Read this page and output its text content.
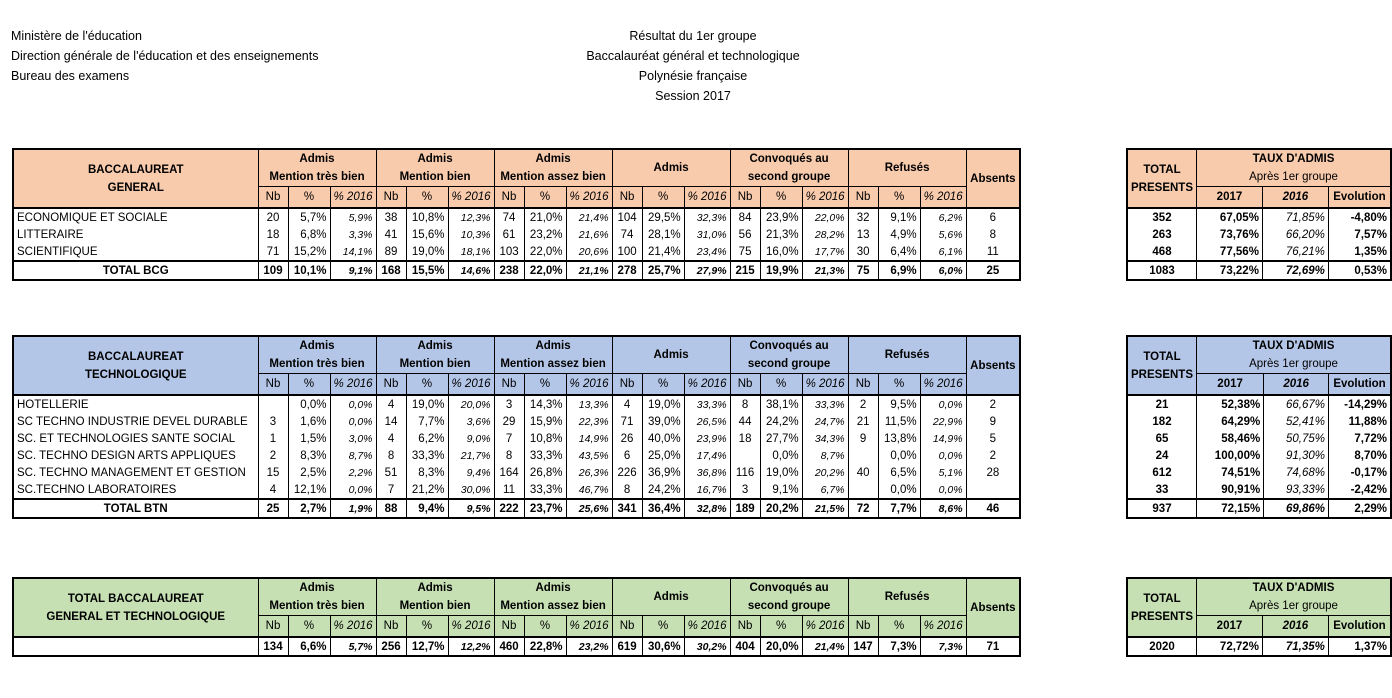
Ministère de l'éducation
Direction générale de l'éducation et des enseignements
Bureau des examens
Résultat du 1er groupe
Baccalauréat général et technologique
Polynésie française
Session 2017
BACCALAUREAT
GENERAL	Admis
Mention très bien			Admis
Mention bien			Admis
Mention assez bien			Admis			Convoqués au
second groupe			Refusés			Absents
	Nb	%	% 2016	Nb	%	% 2016	Nb	%	% 2016	Nb	%	% 2016	Nb	%	% 2016	Nb	%	% 2016	
ECONOMIQUE ET SOCIALE	20	5,7%	5,9%	38	10,8%	12,3%	74	21,0%	21,4%	104	29,5%	32,3%	84	23,9%	22,0%	32	9,1%	6,2%	6
LITTERAIRE	18	6,8%	3,3%	41	15,6%	10,3%	61	23,2%	21,6%	74	28,1%	31,0%	56	21,3%	28,2%	13	4,9%	5,6%	8
SCIENTIFIQUE	71	15,2%	14,1%	89	19,0%	18,1%	103	22,0%	20,6%	100	21,4%	23,4%	75	16,0%	17,7%	30	6,4%	6,1%	11
TOTAL BCG	109	10,1%	9,1%	168	15,5%	14,6%	238	22,0%	21,1%	278	25,7%	27,9%	215	19,9%	21,3%	75	6,9%	6,0%	25
TOTAL
PRESENTS	TAUX D'ADMIS
Après 1er groupe		
	2017	2016	Evolution
352	67,05%	71,85%	-4,80%
263	73,76%	66,20%	7,57%
468	77,56%	76,21%	1,35%
1083	73,22%	72,69%	0,53%
BACCALAUREAT
TECHNOLOGIQUE	Admis
Mention très bien			Admis
Mention bien			Admis
Mention assez bien			Admis			Convoqués au
second groupe			Refusés			Absents
	Nb	%	% 2016	Nb	%	% 2016	Nb	%	% 2016	Nb	%	% 2016	Nb	%	% 2016	Nb	%	% 2016	
HOTELLERIE		0,0%	0,0%	4	19,0%	20,0%	3	14,3%	13,3%	4	19,0%	33,3%	8	38,1%	33,3%	2	9,5%	0,0%	2
SC TECHNO INDUSTRIE DEVEL DURABLE	3	1,6%	0,0%	14	7,7%	3,6%	29	15,9%	22,3%	71	39,0%	26,5%	44	24,2%	24,7%	21	11,5%	22,9%	9
SC. ET TECHNOLOGIES SANTE SOCIAL	1	1,5%	3,0%	4	6,2%	9,0%	7	10,8%	14,9%	26	40,0%	23,9%	18	27,7%	34,3%	9	13,8%	14,9%	5
SC. TECHNO DESIGN ARTS APPLIQUES	2	8,3%	8,7%	8	33,3%	21,7%	8	33,3%	43,5%	6	25,0%	17,4%		0,0%	8,7%		0,0%	0,0%	2
SC. TECHNO MANAGEMENT ET GESTION	15	2,5%	2,2%	51	8,3%	9,4%	164	26,8%	26,3%	226	36,9%	36,8%	116	19,0%	20,2%	40	6,5%	5,1%	28
SC.TECHNO LABORATOIRES	4	12,1%	0,0%	7	21,2%	30,0%	11	33,3%	46,7%	8	24,2%	16,7%	3	9,1%	6,7%		0,0%	0,0%	
TOTAL BTN	25	2,7%	1,9%	88	9,4%	9,5%	222	23,7%	25,6%	341	36,4%	32,8%	189	20,2%	21,5%	72	7,7%	8,6%	46
TOTAL
PRESENTS	TAUX D'ADMIS
Après 1er groupe		
	2017	2016	Evolution
21	52,38%	66,67%	-14,29%
182	64,29%	52,41%	11,88%
65	58,46%	50,75%	7,72%
24	100,00%	91,30%	8,70%
612	74,51%	74,68%	-0,17%
33	90,91%	93,33%	-2,42%
937	72,15%	69,86%	2,29%
TOTAL BACCALAUREAT
GENERAL ET TECHNOLOGIQUE	Admis
Mention très bien			Admis
Mention bien			Admis
Mention assez bien			Admis			Convoqués au
second groupe			Refusés			Absents
	Nb	%	% 2016	Nb	%	% 2016	Nb	%	% 2016	Nb	%	% 2016	Nb	%	% 2016	Nb	%	% 2016	
	134	6,6%	5,7%	256	12,7%	12,2%	460	22,8%	23,2%	619	30,6%	30,2%	404	20,0%	21,4%	147	7,3%	7,3%	71
TOTAL
PRESENTS	TAUX D'ADMIS
Après 1er groupe		
	2017	2016	Evolution
2020	72,72%	71,35%	1,37%
